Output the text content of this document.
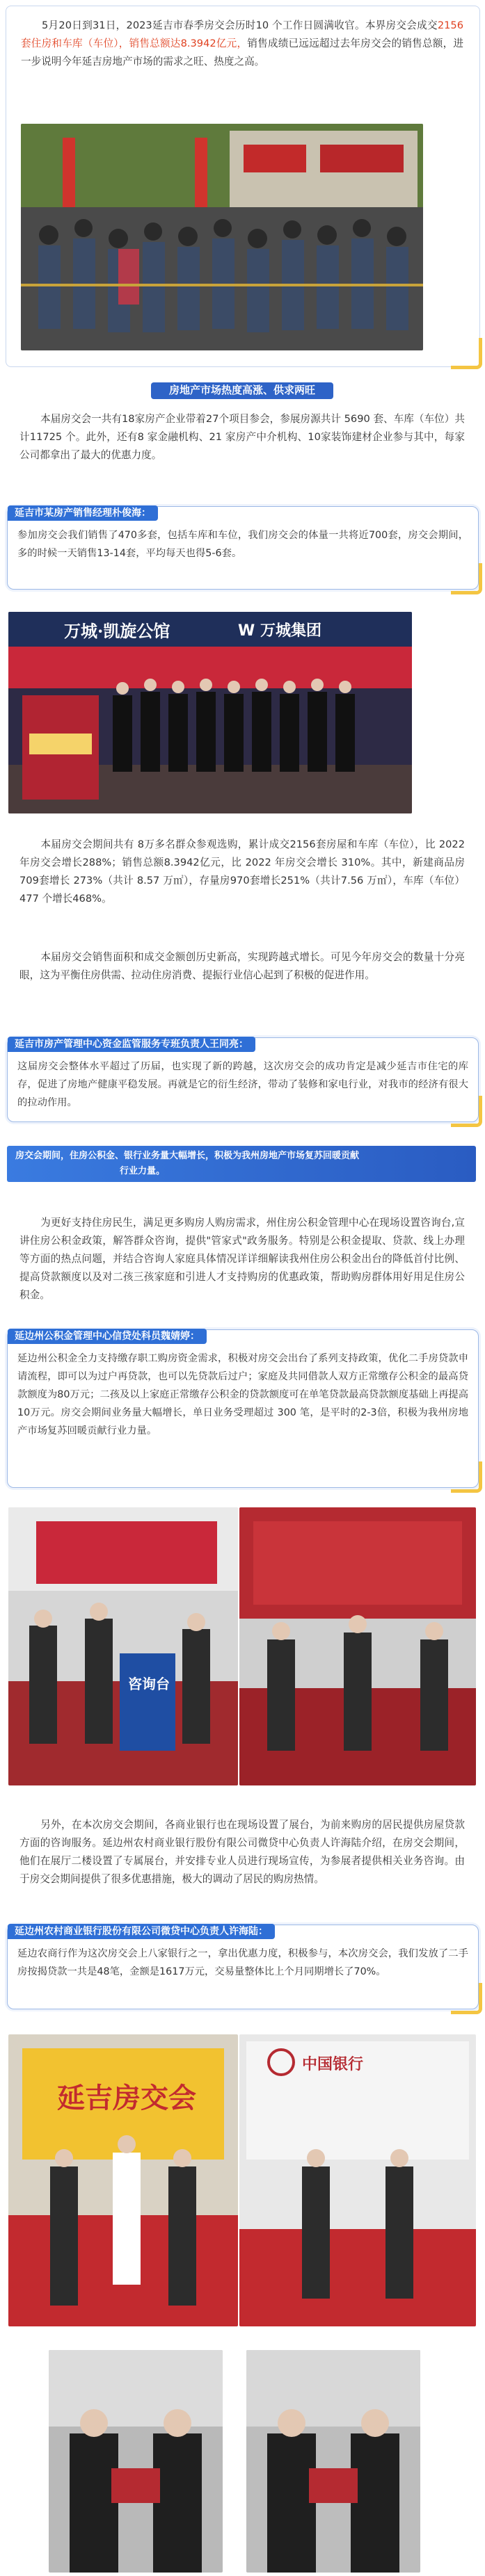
5月20日到31日，2023延吉市春季房交会历时10 个工作日圆满收官。本界房交会成交2156套住房和车库（车位），销售总额达8.3942亿元，销售成绩已远远超过去年房交会的销售总额，进一步说明今年延吉房地产市场的需求之旺、热度之高。
房地产市场热度高涨、供求两旺
本届房交会一共有18家房产企业带着27个项目参会，参展房源共计 5690 套、车库（车位）共计11725 个。此外，还有8 家金融机构、21 家房产中介机构、10家装饰建材企业参与其中，每家公司都拿出了最大的优惠力度。
延吉市某房产销售经理朴俊海：
参加房交会我们销售了470多套，包括车库和车位，我们房交会的体量一共将近700套，房交会期间，多的时候一天销售13-14套，平均每天也得5-6套。
万城·凯旋公馆	W 万城集团
本届房交会期间共有 8万多名群众参观选购，累计成交2156套房屋和车库（车位），比 2022 年房交会增长288%；销售总额8.3942亿元，比 2022 年房交会增长 310%。其中，新建商品房709套增长 273%（共计 8.57 万㎡），存量房970套增长251%（共计7.56 万㎡），车库（车位）477 个增长468%。
本届房交会销售面积和成交金额创历史新高，实现跨越式增长。可见今年房交会的数量十分亮眼，这为平衡住房供需、拉动住房消费、提振行业信心起到了积极的促进作用。
延吉市房产管理中心资金监管服务专班负责人王同亮：
这届房交会整体水平超过了历届，也实现了新的跨越，这次房交会的成功肯定是减少延吉市住宅的库存，促进了房地产健康平稳发展。再就是它的衍生经济，带动了装修和家电行业，对我市的经济有很大的拉动作用。
房交会期间，住房公积金、银行业务量大幅增长，积极为我州房地产市场复苏回暖贡献
行业力量。
为更好支持住房民生，满足更多购房人购房需求，州住房公积金管理中心在现场设置咨询台,宣讲住房公积金政策，解答群众咨询，提供"管家式"政务服务。特别是公积金提取、贷款、线上办理等方面的热点问题，并结合咨询人家庭具体情况详详细解读我州住房公积金出台的降低首付比例、提高贷款额度以及对二孩三孩家庭和引进人才支持购房的优惠政策，帮助购房群体用好用足住房公积金。
延边州公积金管理中心信贷处科员魏婧婷：
延边州公积金全力支持缴存职工购房资金需求，积极对房交会出台了系列支持政策，优化二手房贷款申请流程，即可以为过户再贷款，也可以先贷款后过户；家庭及共同借款人双方正常缴存公积金的最高贷款额度为80万元；二孩及以上家庭正常缴存公积金的贷款额度可在单笔贷款最高贷款额度基础上再提高10万元。房交会期间业务量大幅增长，单日业务受理超过 300 笔，是平时的2-3倍，积极为我州房地产市场复苏回暖贡献行业力量。
咨询台
另外，在本次房交会期间，各商业银行也在现场设置了展台，为前来购房的居民提供房屋贷款方面的咨询服务。延边州农村商业银行股份有限公司微贷中心负责人许海陆介绍，在房交会期间，他们在展厅二楼设置了专属展台，并安排专业人员进行现场宣传，为参展者提供相关业务咨询。由于房交会期间提供了很多优惠措施，极大的调动了居民的购房热情。
延边州农村商业银行股份有限公司微贷中心负责人许海陆：
延边农商行作为这次房交会上八家银行之一，拿出优惠力度，积极参与，本次房交会，我们发放了二手房按揭贷款一共是48笔，金额是1617万元，交易量整体比上个月同期增长了70%。
延吉房交会
中国银行
